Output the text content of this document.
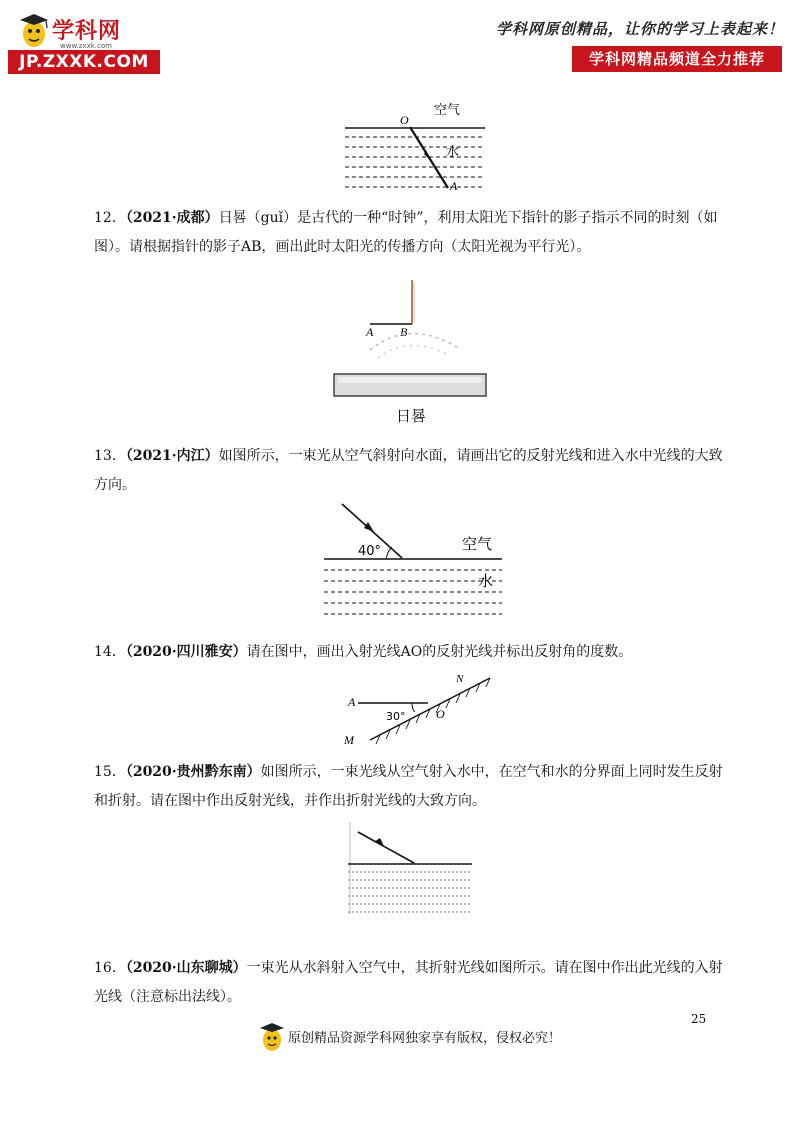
学科网
www.zxxk.com
JP.ZXXK.COM
学科网原创精品，让你的学习上表起来！
学科网精品频道全力推荐
O
空气
水
A
12．（2021·成都）日晷（guǐ）是古代的一种“时钟”，利用太阳光下指针的影子指示不同的时刻（如图）。请根据指针的影子AB，画出此时太阳光的传播方向（太阳光视为平行光）。
A B
日晷
13．（2021·内江）如图所示，一束光从空气斜射向水面，请画出它的反射光线和进入水中光线的大致方向。
40°	空气
水
14．（2020·四川雅安）请在图中，画出入射光线AO的反射光线并标出反射角的度数。
A
N
O
M
30°
15．（2020·贵州黔东南）如图所示，一束光线从空气射入水中，在空气和水的分界面上同时发生反射和折射。请在图中作出反射光线，并作出折射光线的大致方向。
16．（2020·山东聊城）一束光从水斜射入空气中，其折射光线如图所示。请在图中作出此光线的入射光线（注意标出法线）。
25
原创精品资源学科网独家享有版权，侵权必究！
